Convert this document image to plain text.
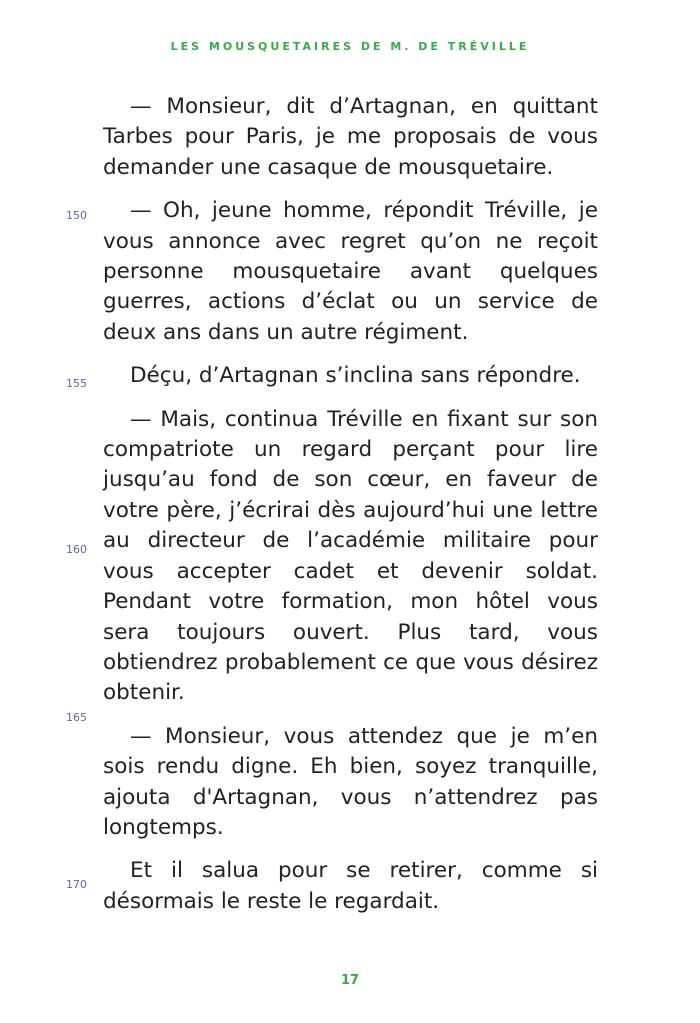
LES MOUSQUETAIRES DE M. DE TRÉVILLE
150
155
160
165
170

— Monsieur, dit d’Artagnan, en quittant Tarbes pour Paris, je me proposais de vous demander une casaque de mousquetaire.

— Oh, jeune homme, répondit Tréville, je vous annonce avec regret qu’on ne reçoit personne mousquetaire avant quelques guerres, actions d’éclat ou un service de deux ans dans un autre régiment.

Déçu, d’Artagnan s’inclina sans répondre.

— Mais, continua Tréville en fixant sur son compatriote un regard perçant pour lire jusqu’au fond de son cœur, en faveur de votre père, j’écrirai dès aujourd’hui une lettre au directeur de l’académie militaire pour vous accepter cadet et devenir soldat. Pendant votre formation, mon hôtel vous sera toujours ouvert. Plus tard, vous obtiendrez probablement ce que vous désirez obtenir.

— Monsieur, vous attendez que je m’en sois rendu digne. Eh bien, soyez tranquille, ajouta d'Artagnan, vous n’attendrez pas longtemps.

Et il salua pour se retirer, comme si désormais le reste le regardait.

17
